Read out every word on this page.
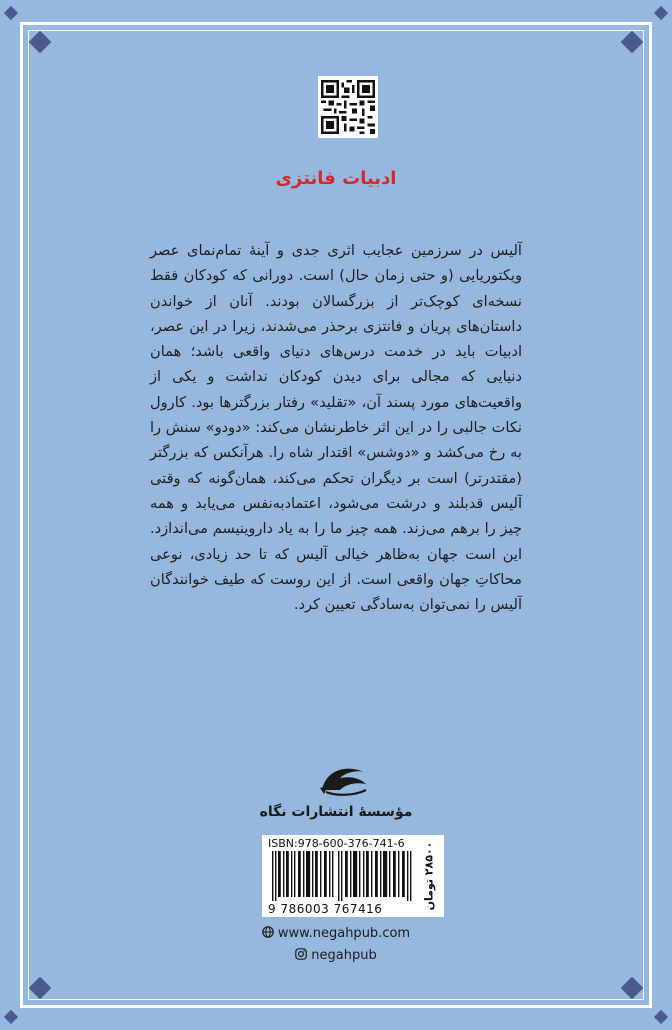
ادبیات فانتزی
آلیس در سرزمین عجایب اثری جدی و آینهٔ تمام‌نمای عصر ویکتوریایی (و حتی زمان حال) است. دورانی که کودکان فقط نسخه‌ای کوچک‌تر از بزرگسالان بودند. آنان از خواندن داستان‌های پریان و فانتزی برحذر می‌شدند، زیرا در این عصر، ادبیات باید در خدمت درس‌های دنیای واقعی باشد؛ همان دنیایی که مجالی برای دیدن کودکان نداشت و یکی از واقعیت‌های مورد پسند آن، «تقلید» رفتار بزرگترها بود. کارول نکات جالبی را در این اثر خاطرنشان می‌کند: «دودو» سنش را به رخ می‌کشد و «دوشس» اقتدار شاه را. هرآنکس که بزرگتر (مقتدرتر) است بر دیگران تحکم می‌کند، همان‌گونه که وقتی آلیس قدبلند و درشت می‌شود، اعتمادبه‌نفس می‌یابد و همه چیز را برهم می‌زند. همه چیز ما را به یاد داروینیسم می‌اندازد. این است جهان به‌ظاهر خیالی آلیس که تا حد زیادی، نوعی محاکاتِ جهان واقعی است. از این روست که طیف خوانندگان آلیس را نمی‌توان به‌سادگی تعیین کرد.
مؤسسهٔ انتشارات نگاه
ISBN:978-600-376-741-6
9 786003 767416	۲۸۵۰۰ تومان
www.negahpub.com
negahpub
